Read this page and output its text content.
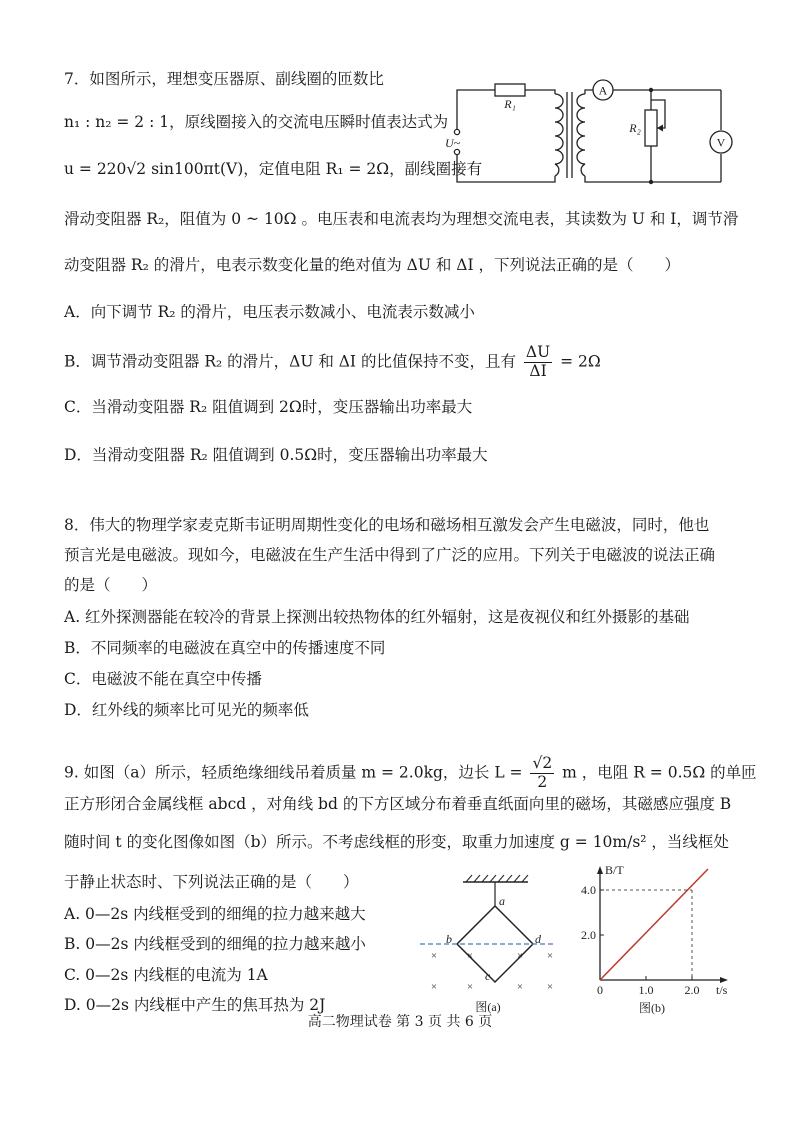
7．如图所示，理想变压器原、副线圈的匝数比
n₁ : n₂ = 2 : 1，原线圈接入的交流电压瞬时值表达式为
u = 220√2 sin100πt(V)，定值电阻 R₁ = 2Ω，副线圈接有
滑动变阻器 R₂，阻值为 0 ~ 10Ω 。电压表和电流表均为理想交流电表，其读数为 U 和 I，调节滑
动变阻器 R₂ 的滑片，电表示数变化量的绝对值为 ΔU 和 ΔI ，下列说法正确的是（　　）
A．向下调节 R₂ 的滑片，电压表示数减小、电流表示数减小
B．调节滑动变阻器 R₂ 的滑片，ΔU 和 ΔI 的比值保持不变，且有 $\frac{\Delta U}{\Delta I} = 2\Omega$
C．当滑动变阻器 R₂ 阻值调到 2Ω时，变压器输出功率最大
D．当滑动变阻器 R₂ 阻值调到 0.5Ω时，变压器输出功率最大
A
V
R₁
R₂
U~
8．伟大的物理学家麦克斯韦证明周期性变化的电场和磁场相互激发会产生电磁波，同时，他也
预言光是电磁波。现如今，电磁波在生产生活中得到了广泛的应用。下列关于电磁波的说法正确
的是（　　）
A. 红外探测器能在较冷的背景上探测出较热物体的红外辐射，这是夜视仪和红外摄影的基础
B．不同频率的电磁波在真空中的传播速度不同
C．电磁波不能在真空中传播
D．红外线的频率比可见光的频率低
9. 如图（a）所示，轻质绝缘细线吊着质量 m = 2.0kg，边长 $L = \frac{√2}{2}$ m ，电阻 R = 0.5Ω 的单匝
正方形闭合金属线框 abcd ，对角线 bd 的下方区域分布着垂直纸面向里的磁场，其磁感应强度 B
随时间 t 的变化图像如图（b）所示。不考虑线框的形变，取重力加速度 g = 10m/s² ，当线框处
于静止状态时、下列说法正确的是（　　）
A. 0—2s 内线框受到的细绳的拉力越来越大
B. 0—2s 内线框受到的细绳的拉力越来越小
C. 0—2s 内线框的电流为 1A
D. 0—2s 内线框中产生的焦耳热为 2J
×	×	× ×
×	×	× ×
a
b	d
c
图(a)
B/T
t/s
4.0
2.0
0	1.0	2.0
图(b)
高二物理试卷 第 3 页 共 6 页
